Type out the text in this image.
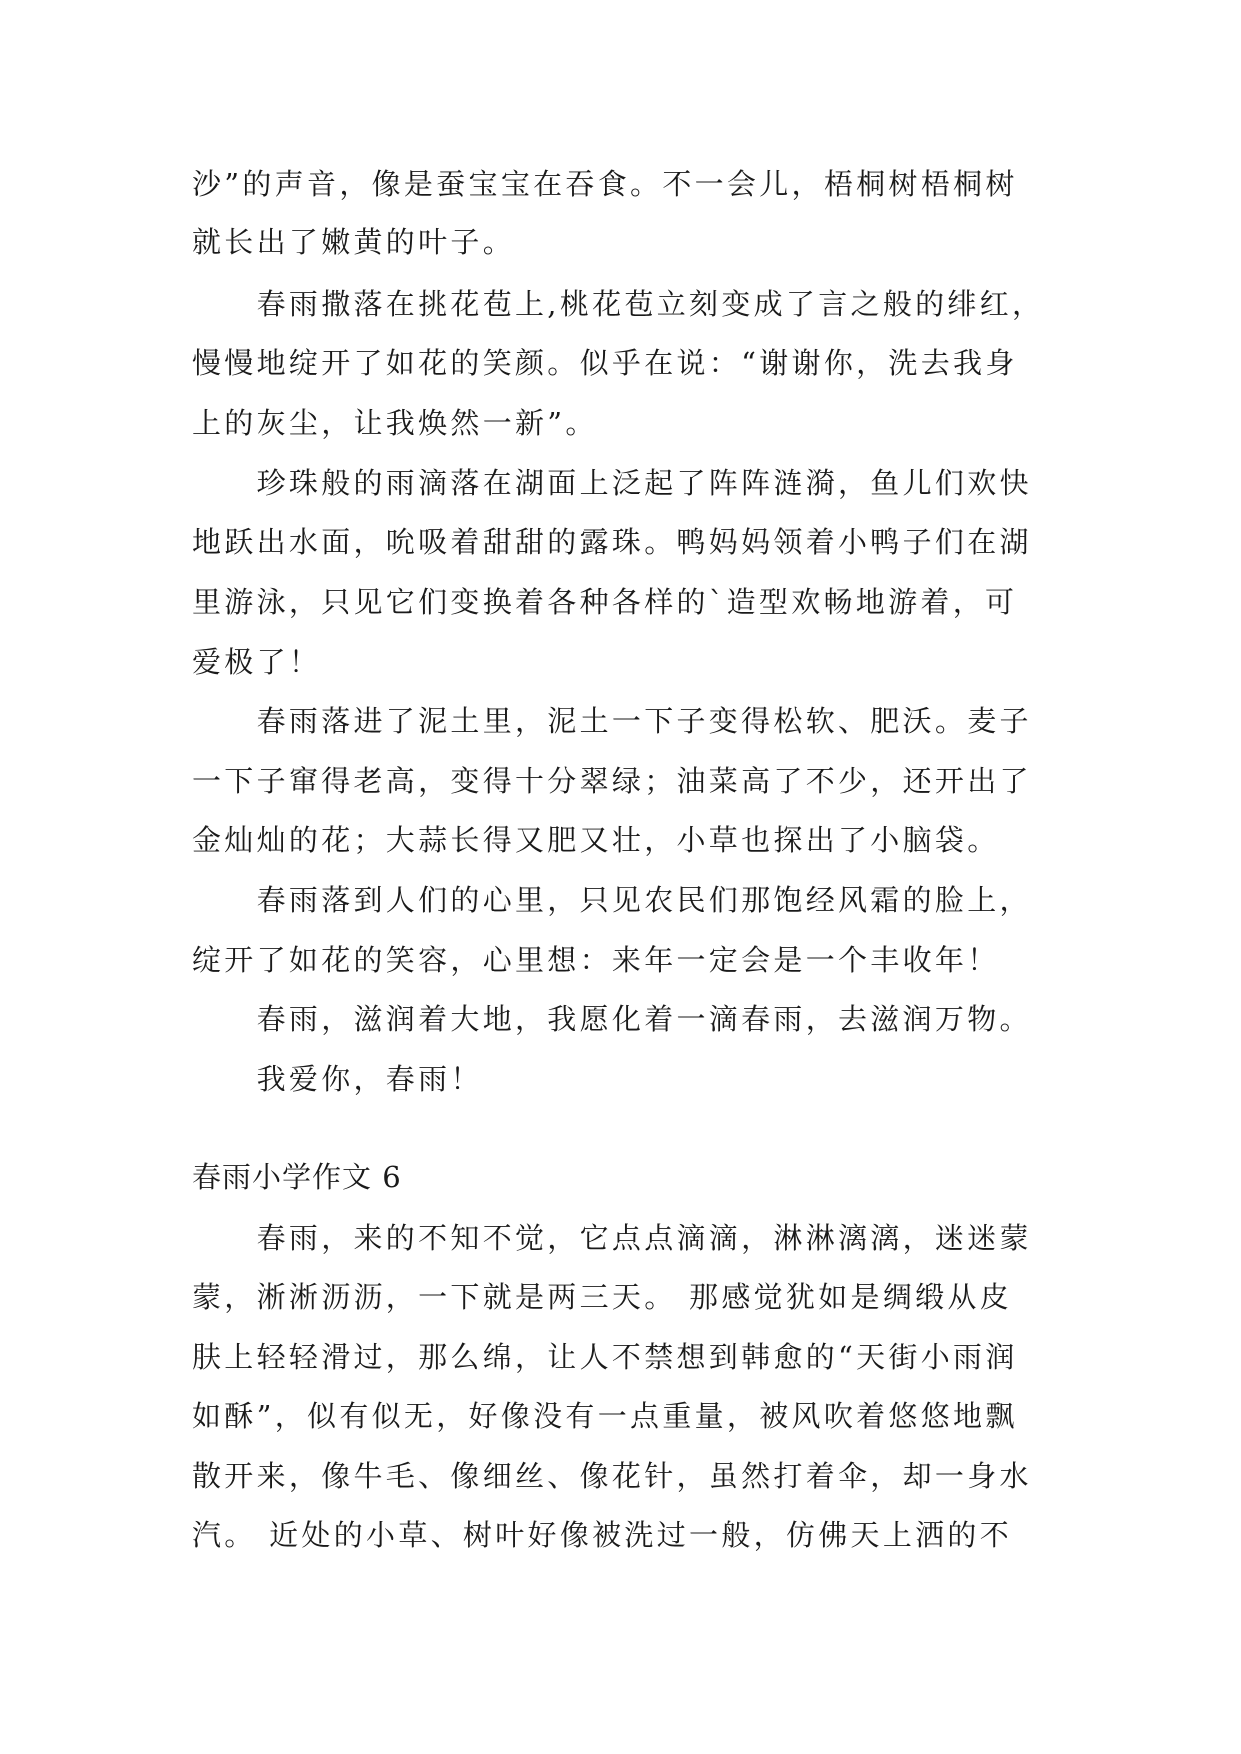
沙”的声音，像是蚕宝宝在吞食。不一会儿，梧桐树梧桐树

就长出了嫩黄的叶子。

　　春雨撒落在挑花苞上,桃花苞立刻变成了言之般的绯红，

慢慢地绽开了如花的笑颜。似乎在说：“谢谢你，洗去我身

上的灰尘，让我焕然一新”。

　　珍珠般的雨滴落在湖面上泛起了阵阵涟漪，鱼儿们欢快

地跃出水面，吮吸着甜甜的露珠。鸭妈妈领着小鸭子们在湖

里游泳，只见它们变换着各种各样的`造型欢畅地游着，可

爱极了！

　　春雨落进了泥土里，泥土一下子变得松软、肥沃。麦子

一下子窜得老高，变得十分翠绿；油菜高了不少，还开出了

金灿灿的花；大蒜长得又肥又壮，小草也探出了小脑袋。

　　春雨落到人们的心里，只见农民们那饱经风霜的脸上，

绽开了如花的笑容，心里想：来年一定会是一个丰收年！

　　春雨，滋润着大地，我愿化着一滴春雨，去滋润万物。

　　我爱你，春雨！

春雨小学作文 6

　　春雨，来的不知不觉，它点点滴滴，淋淋漓漓，迷迷蒙

蒙，淅淅沥沥，一下就是两三天。 那感觉犹如是绸缎从皮

肤上轻轻滑过，那么绵，让人不禁想到韩愈的“天街小雨润

如酥”，似有似无，好像没有一点重量，被风吹着悠悠地飘

散开来，像牛毛、像细丝、像花针，虽然打着伞，却一身水

汽。 近处的小草、树叶好像被洗过一般，仿佛天上洒的不
